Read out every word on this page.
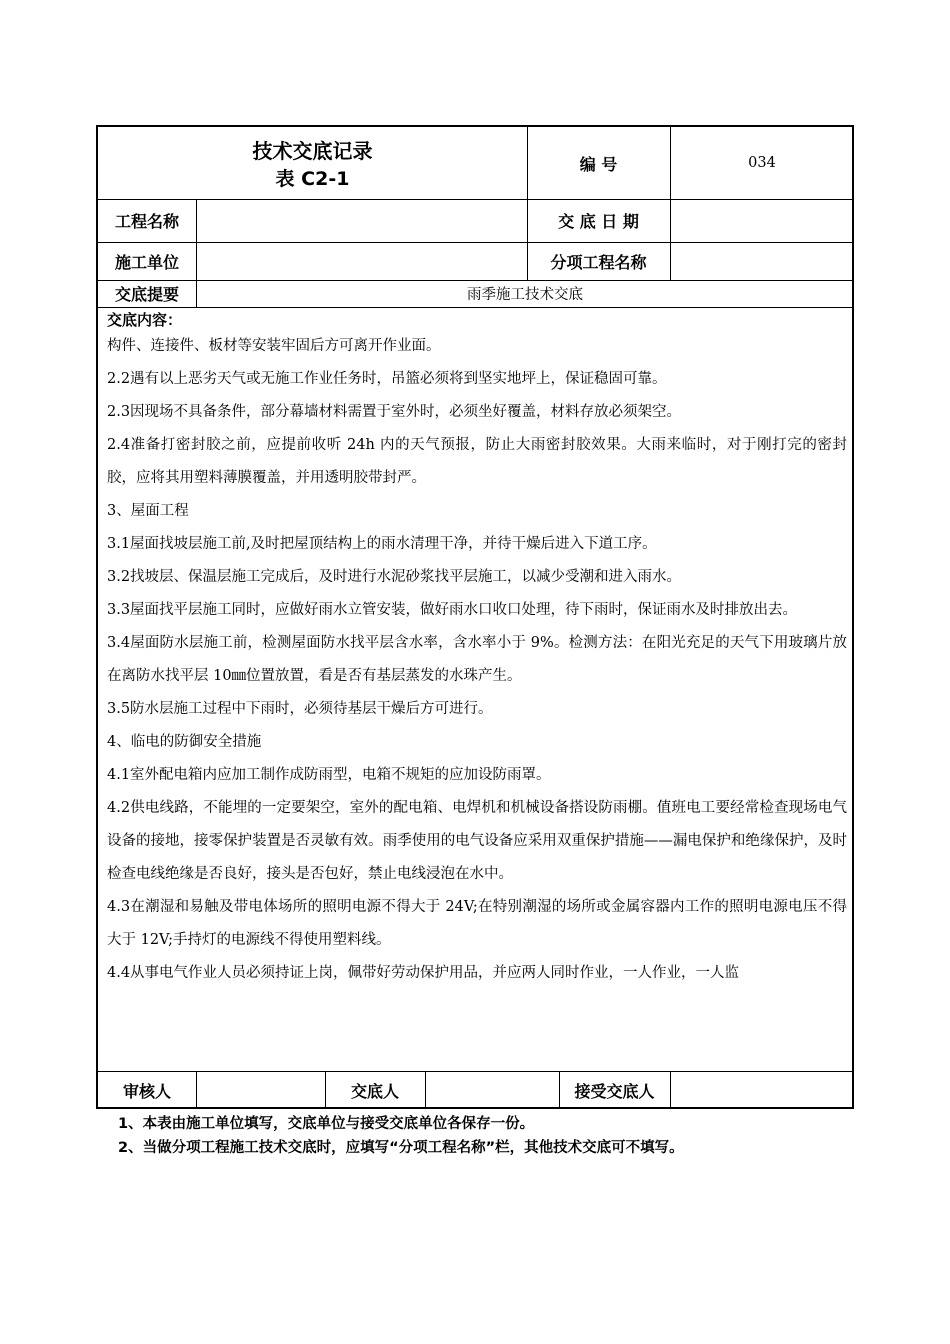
技术交底记录
表 C2-1
编 号	034
工程名称	交 底 日 期
施工单位	分项工程名称
交底提要	雨季施工技术交底

交底内容：

构件、连接件、板材等安装牢固后方可离开作业面。

2.2遇有以上恶劣天气或无施工作业任务时，吊篮必须将到坚实地坪上，保证稳固可靠。

2.3因现场不具备条件，部分幕墙材料需置于室外时，必须坐好覆盖，材料存放必须架空。

2.4准备打密封胶之前，应提前收听 24h 内的天气预报，防止大雨密封胶效果。大雨来临时，对于刚打完的密封胶，应将其用塑料薄膜覆盖，并用透明胶带封严。

3、屋面工程

3.1屋面找坡层施工前,及时把屋顶结构上的雨水清理干净，并待干燥后进入下道工序。

3.2找坡层、保温层施工完成后，及时进行水泥砂浆找平层施工，以减少受潮和进入雨水。

3.3屋面找平层施工同时，应做好雨水立管安装，做好雨水口收口处理，待下雨时，保证雨水及时排放出去。

3.4屋面防水层施工前，检测屋面防水找平层含水率，含水率小于 9%。检测方法：在阳光充足的天气下用玻璃片放在离防水找平层 10㎜位置放置，看是否有基层蒸发的水珠产生。

3.5防水层施工过程中下雨时，必须待基层干燥后方可进行。

4、临电的防御安全措施

4.1室外配电箱内应加工制作成防雨型，电箱不规矩的应加设防雨罩。

4.2供电线路，不能埋的一定要架空，室外的配电箱、电焊机和机械设备搭设防雨棚。值班电工要经常检查现场电气设备的接地，接零保护装置是否灵敏有效。雨季使用的电气设备应采用双重保护措施——漏电保护和绝缘保护，及时检查电线绝缘是否良好，接头是否包好，禁止电线浸泡在水中。

4.3在潮湿和易触及带电体场所的照明电源不得大于 24V;在特别潮湿的场所或金属容器内工作的照明电源电压不得大于 12V;手持灯的电源线不得使用塑料线。

4.4从事电气作业人员必须持证上岗，佩带好劳动保护用品，并应两人同时作业，一人作业，一人监

审核人	交底人	接受交底人
1、本表由施工单位填写，交底单位与接受交底单位各保存一份。
2、当做分项工程施工技术交底时，应填写“分项工程名称”栏，其他技术交底可不填写。
